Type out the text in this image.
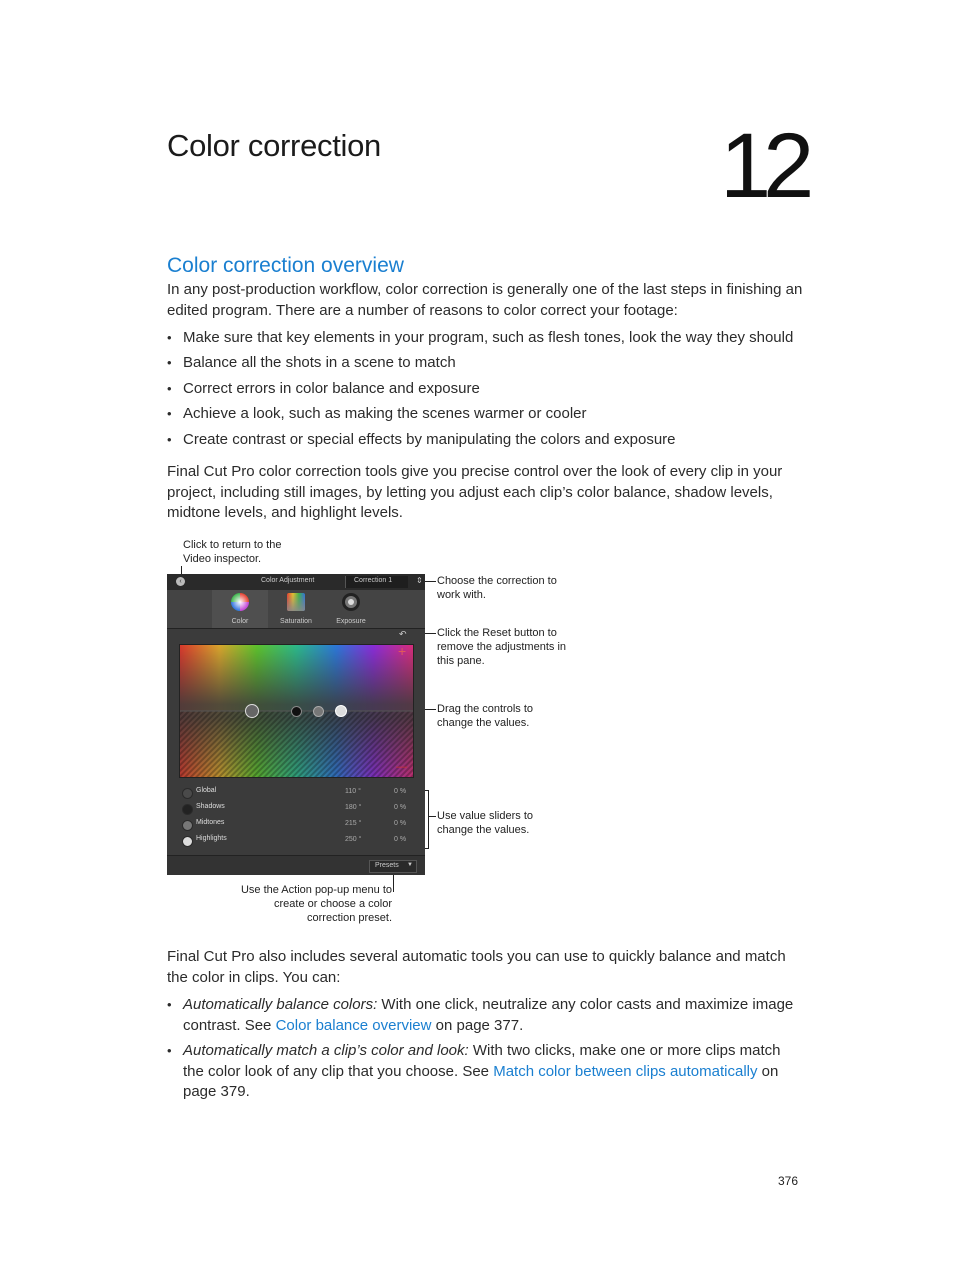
Color correction	12
Color correction overview
In any post-production workflow, color correction is generally one of the last steps in finishing an edited program. There are a number of reasons to color correct your footage:
• Make sure that key elements in your program, such as flesh tones, look the way they should
• Balance all the shots in a scene to match
• Correct errors in color balance and exposure
• Achieve a look, such as making the scenes warmer or cooler
• Create contrast or special effects by manipulating the colors and exposure
Final Cut Pro color correction tools give you precise control over the look of every clip in your project, including still images, by letting you adjust each clip’s color balance, shadow levels, midtone levels, and highlight levels.
Click to return to the Video inspector.
Choose the correction to work with.
Click the Reset button to remove the adjustments in this pane.
Drag the controls to change the values.
Use value sliders to change the values.
Use the Action pop-up menu to create or choose a color correction preset.
‹	Color Adjustment	Correction 1	⇕
Color	Saturation	Exposure
↶
+
—
Global	110 °	0 %
Shadows	180 °	0 %
Midtones	215 °	0 %
Highlights	250 °	0 %
Presets ▼
Final Cut Pro also includes several automatic tools you can use to quickly balance and match the color in clips. You can:
• Automatically balance colors: With one click, neutralize any color casts and maximize image contrast. See Color balance overview on page 377.
• Automatically match a clip’s color and look: With two clicks, make one or more clips match the color look of any clip that you choose. See Match color between clips automatically on page 379.
376
